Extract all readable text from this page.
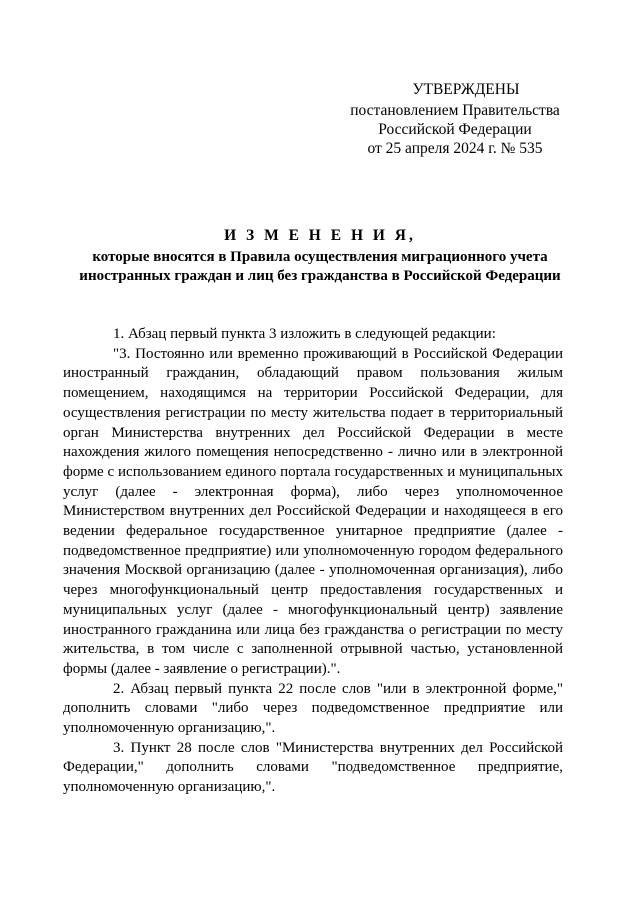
УТВЕРЖДЕНЫ
постановлением Правительства
Российской Федерации
от 25 апреля 2024 г. № 535
И З М Е Н Е Н И Я,
которые вносятся в Правила осуществления миграционного учета
иностранных граждан и лиц без гражданства в Российской Федерации

1. Абзац первый пункта 3 изложить в следующей редакции:

"3. Постоянно или временно проживающий в Российской Федерации иностранный гражданин, обладающий правом пользования жилым помещением, находящимся на территории Российской Федерации, для осуществления регистрации по месту жительства подает в территориальный орган Министерства внутренних дел Российской Федерации в месте нахождения жилого помещения непосредственно - лично или в электронной форме с использованием единого портала государственных и муниципальных услуг (далее - электронная форма), либо через уполномоченное Министерством внутренних дел Российской Федерации и находящееся в его ведении федеральное государственное унитарное предприятие (далее - подведомственное предприятие) или уполномоченную городом федерального значения Москвой организацию (далее - уполномоченная организация), либо через многофункциональный центр предоставления государственных и муниципальных услуг (далее - многофункциональный центр) заявление иностранного гражданина или лица без гражданства о регистрации по месту жительства, в том числе с заполненной отрывной частью, установленной формы (далее - заявление о регистрации).".

2. Абзац первый пункта 22 после слов "или в электронной форме," дополнить словами "либо через подведомственное предприятие или уполномоченную организацию,".

3. Пункт 28 после слов "Министерства внутренних дел Российской Федерации," дополнить словами "подведомственное предприятие, уполномоченную организацию,".
